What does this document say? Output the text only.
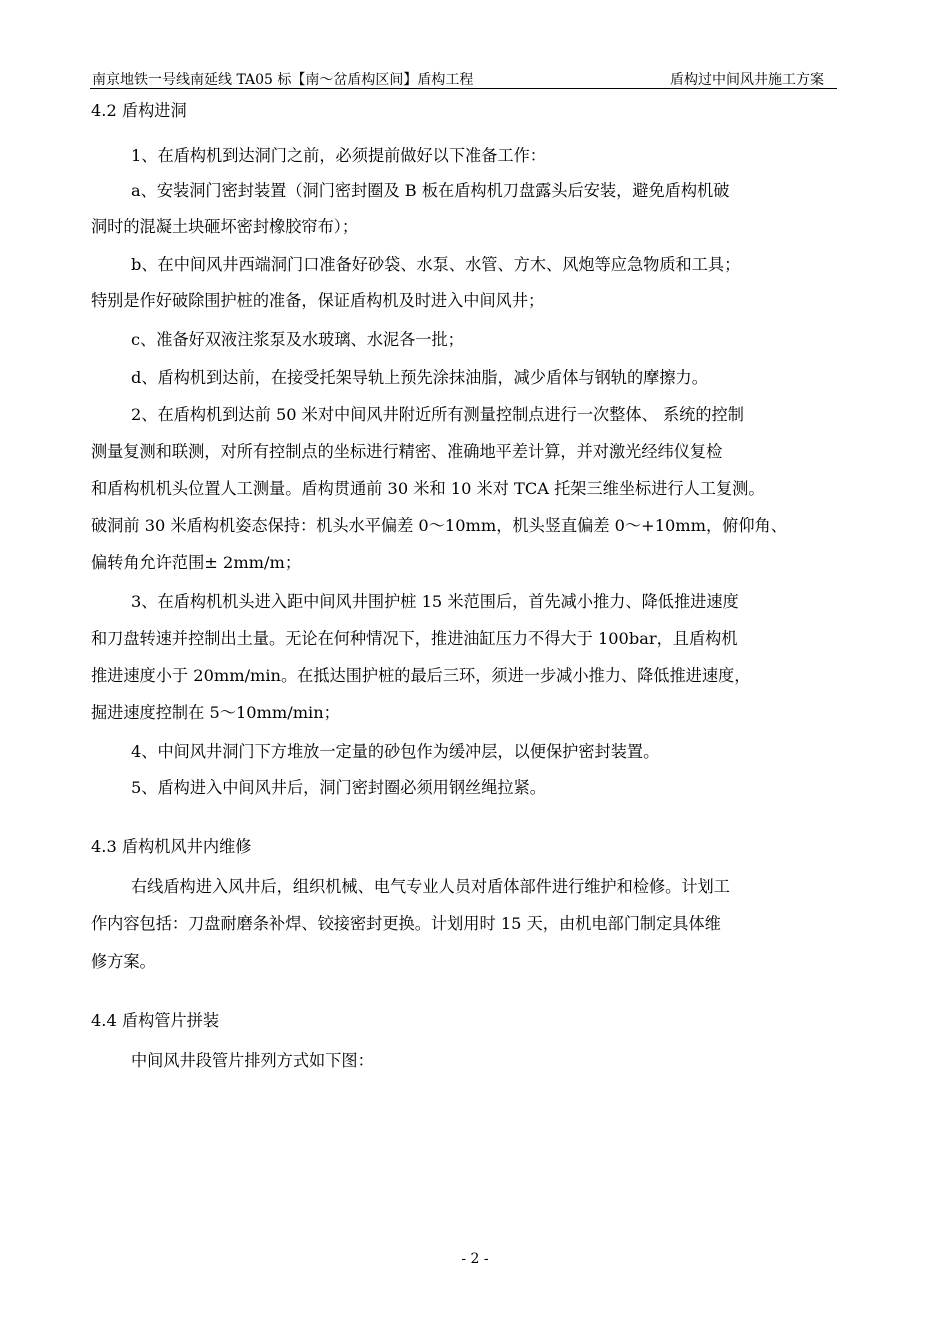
南京地铁一号线南延线 TA05 标【南～岔盾构区间】盾构工程	盾构过中间风井施工方案
4.2 盾构进洞
1、在盾构机到达洞门之前，必须提前做好以下准备工作：
a、安装洞门密封装置（洞门密封圈及 B 板在盾构机刀盘露头后安装，避免盾构机破
洞时的混凝土块砸坏密封橡胶帘布）；
b、在中间风井西端洞门口准备好砂袋、水泵、水管、方木、风炮等应急物质和工具；
特别是作好破除围护桩的准备，保证盾构机及时进入中间风井；
c、准备好双液注浆泵及水玻璃、水泥各一批；
d、盾构机到达前，在接受托架导轨上预先涂抹油脂，减少盾体与钢轨的摩擦力。
2、在盾构机到达前 50 米对中间风井附近所有测量控制点进行一次整体、 系统的控制
测量复测和联测，对所有控制点的坐标进行精密、准确地平差计算，并对激光经纬仪复检
和盾构机机头位置人工测量。盾构贯通前 30 米和 10 米对 TCA 托架三维坐标进行人工复测。
破洞前 30 米盾构机姿态保持：机头水平偏差 0～10mm，机头竖直偏差 0～+10mm，俯仰角、
偏转角允许范围± 2mm/m；
3、在盾构机机头进入距中间风井围护桩 15 米范围后，首先减小推力、降低推进速度
和刀盘转速并控制出土量。无论在何种情况下，推进油缸压力不得大于 100bar，且盾构机
推进速度小于 20mm/min。在抵达围护桩的最后三环，须进一步减小推力、降低推进速度，
掘进速度控制在 5～10mm/min；
4、中间风井洞门下方堆放一定量的砂包作为缓冲层，以便保护密封装置。
5、盾构进入中间风井后，洞门密封圈必须用钢丝绳拉紧。
4.3 盾构机风井内维修
右线盾构进入风井后，组织机械、电气专业人员对盾体部件进行维护和检修。计划工
作内容包括：刀盘耐磨条补焊、铰接密封更换。计划用时 15 天，由机电部门制定具体维
修方案。
4.4 盾构管片拼装
中间风井段管片排列方式如下图：
- 2 -
